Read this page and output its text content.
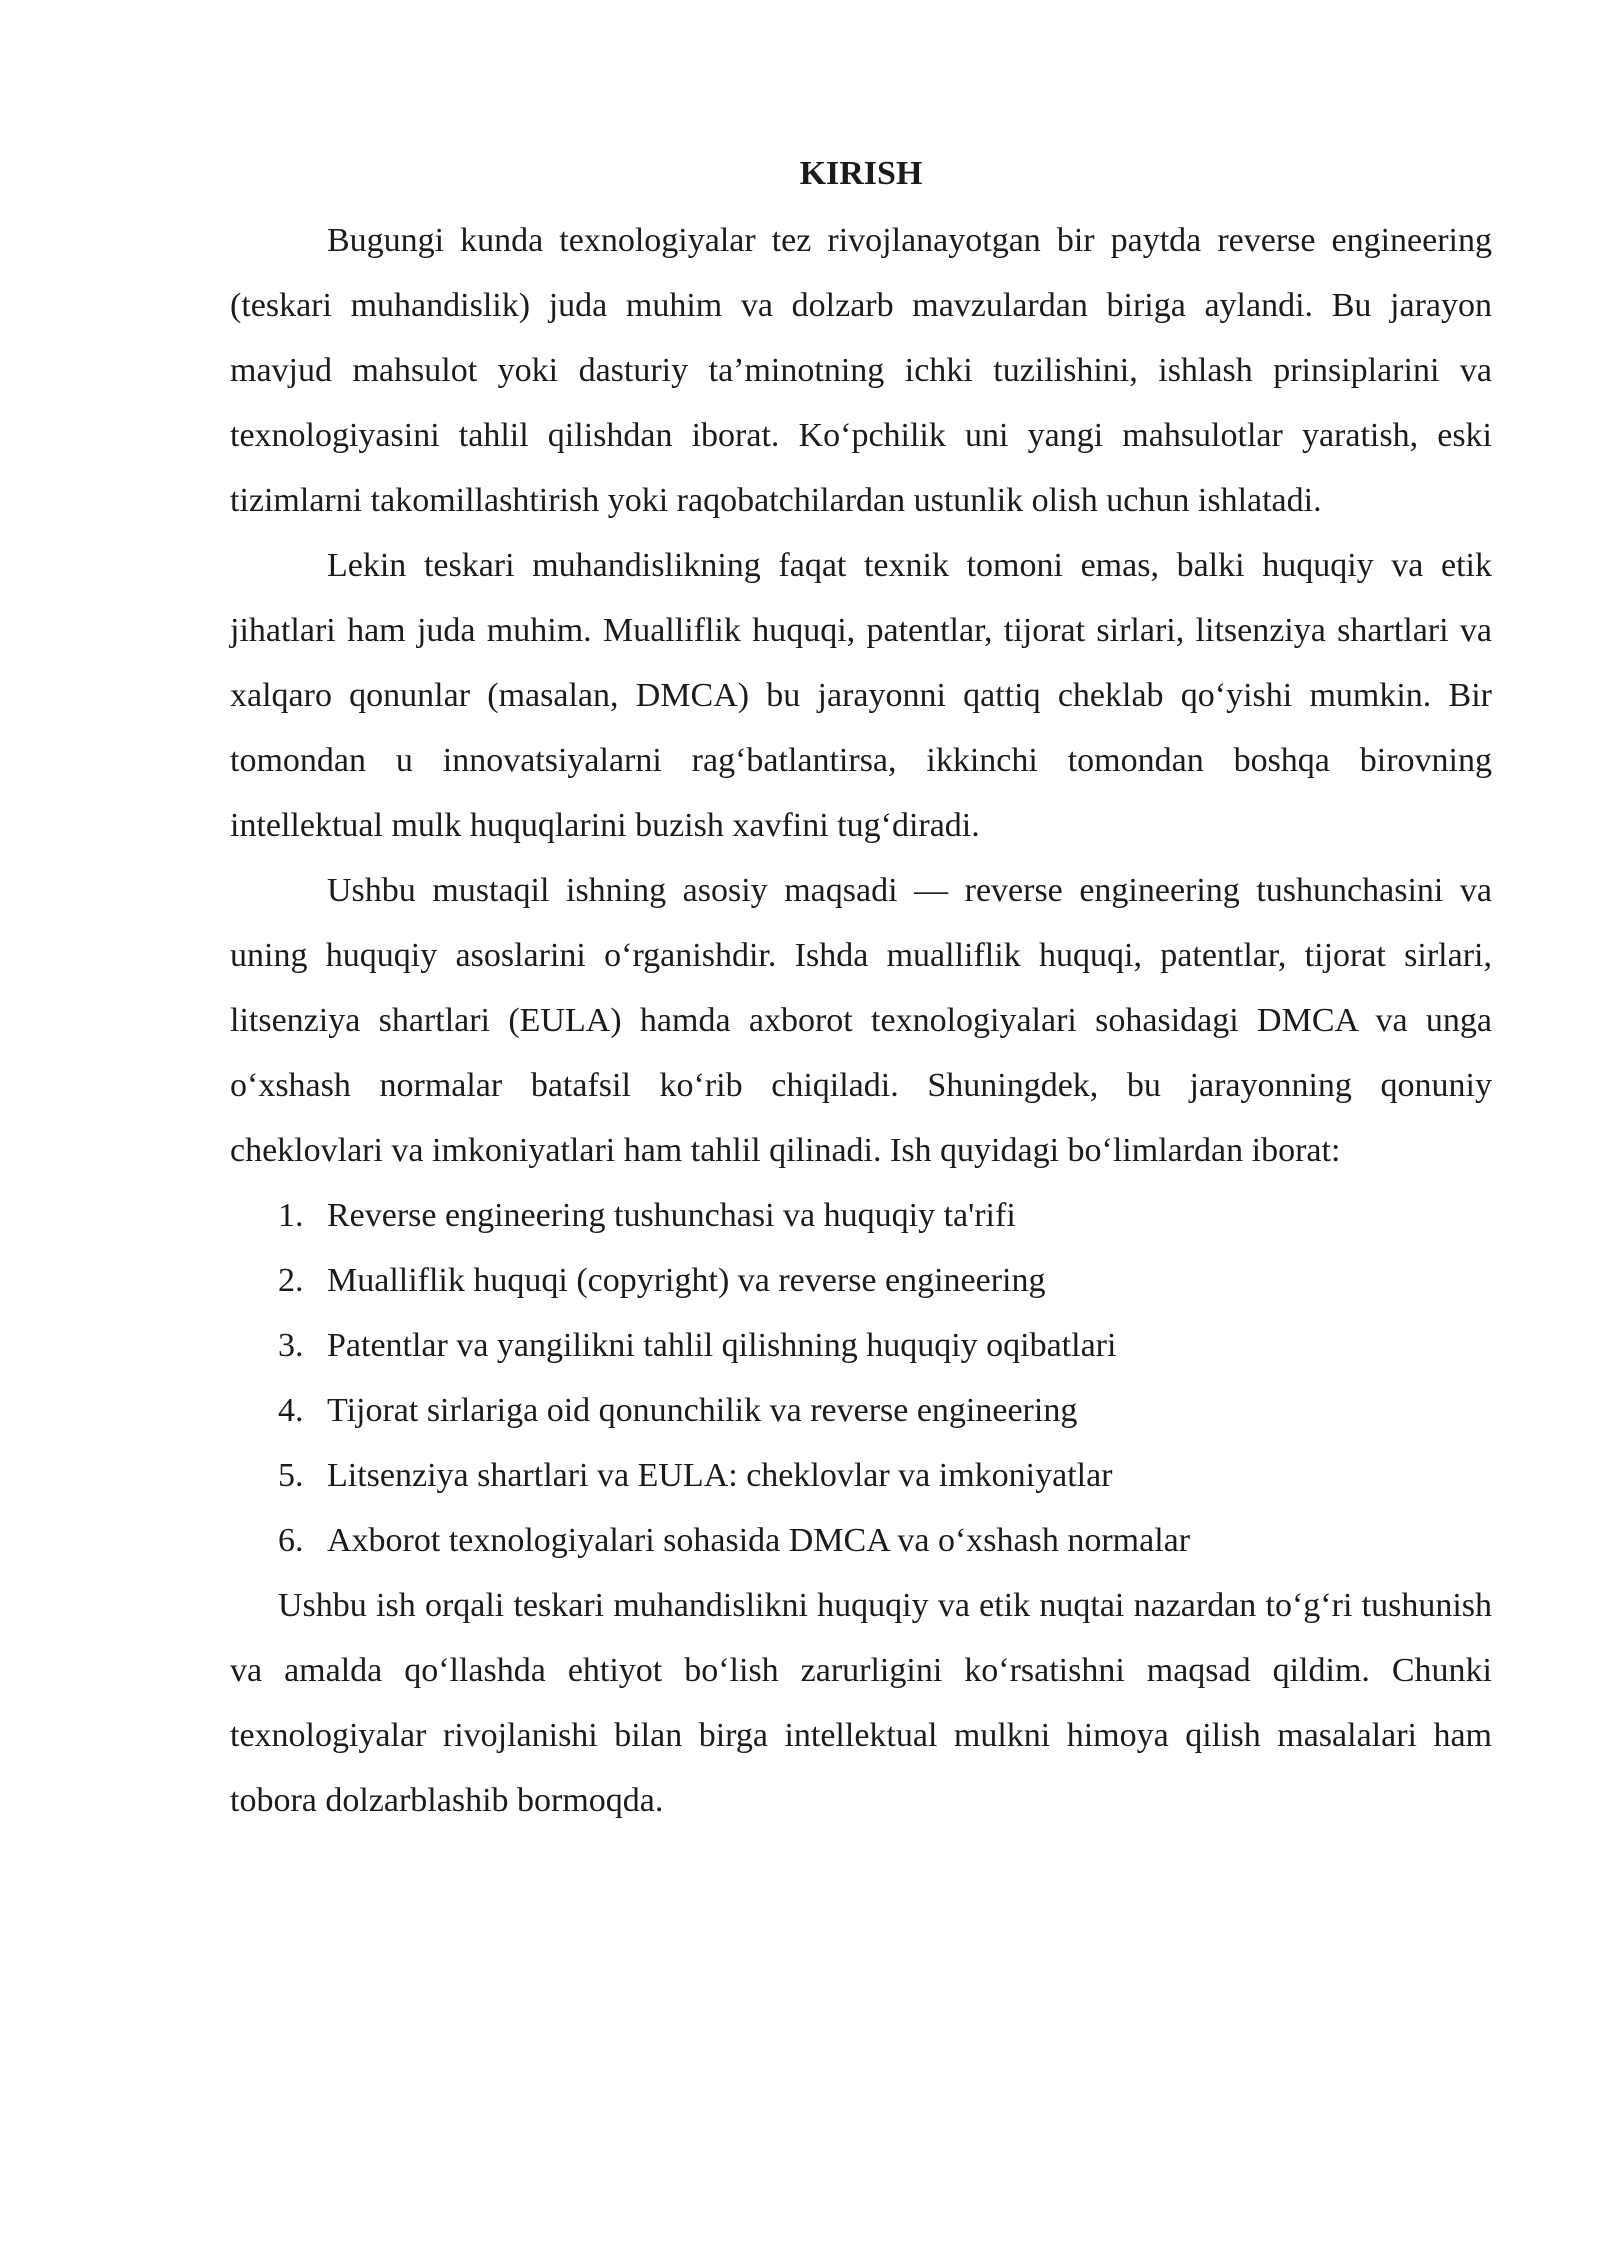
KIRISH

Bugungi kunda texnologiyalar tez rivojlanayotgan bir paytda reverse engineering (teskari muhandislik) juda muhim va dolzarb mavzulardan biriga aylandi. Bu jarayon mavjud mahsulot yoki dasturiy ta’minotning ichki tuzilishini, ishlash prinsiplarini va texnologiyasini tahlil qilishdan iborat. Ko‘pchilik uni yangi mahsulotlar yaratish, eski tizimlarni takomillashtirish yoki raqobatchilardan ustunlik olish uchun ishlatadi.

Lekin teskari muhandislikning faqat texnik tomoni emas, balki huquqiy va etik jihatlari ham juda muhim. Mualliflik huquqi, patentlar, tijorat sirlari, litsenziya shartlari va xalqaro qonunlar (masalan, DMCA) bu jarayonni qattiq cheklab qo‘yishi mumkin. Bir tomondan u innovatsiyalarni rag‘batlantirsa, ikkinchi tomondan boshqa birovning intellektual mulk huquqlarini buzish xavfini tug‘diradi.

Ushbu mustaqil ishning asosiy maqsadi — reverse engineering tushunchasini va uning huquqiy asoslarini o‘rganishdir. Ishda mualliflik huquqi, patentlar, tijorat sirlari, litsenziya shartlari (EULA) hamda axborot texnologiyalari sohasidagi DMCA va unga o‘xshash normalar batafsil ko‘rib chiqiladi. Shuningdek, bu jarayonning qonuniy cheklovlari va imkoniyatlari ham tahlil qilinadi. Ish quyidagi bo‘limlardan iborat:

1. Reverse engineering tushunchasi va huquqiy ta'rifi
2. Mualliflik huquqi (copyright) va reverse engineering
3. Patentlar va yangilikni tahlil qilishning huquqiy oqibatlari
4. Tijorat sirlariga oid qonunchilik va reverse engineering
5. Litsenziya shartlari va EULA: cheklovlar va imkoniyatlar
6. Axborot texnologiyalari sohasida DMCA va o‘xshash normalar

Ushbu ish orqali teskari muhandislikni huquqiy va etik nuqtai nazardan to‘g‘ri tushunish va amalda qo‘llashda ehtiyot bo‘lish zarurligini ko‘rsatishni maqsad qildim. Chunki texnologiyalar rivojlanishi bilan birga intellektual mulkni himoya qilish masalalari ham tobora dolzarblashib bormoqda.
